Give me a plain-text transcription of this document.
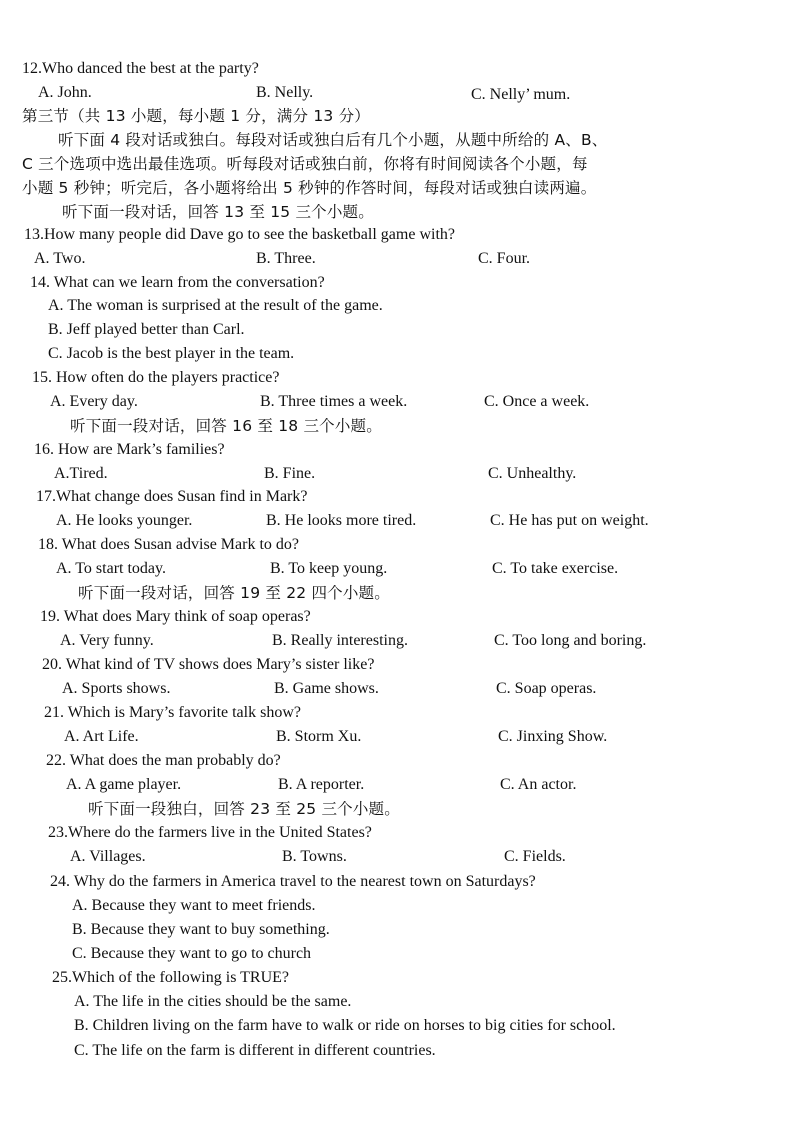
12.Who danced the best at the party?
A. John.	B. Nelly.	C. Nelly’ mum.
第三节（共 13 小题，每小题 1 分，满分 13 分）
听下面 4 段对话或独白。每段对话或独白后有几个小题，从题中所给的 A、B、
C 三个选项中选出最佳选项。听每段对话或独白前，你将有时间阅读各个小题，每
小题 5 秒钟；听完后，各小题将给出 5 秒钟的作答时间，每段对话或独白读两遍。
听下面一段对话，回答 13 至 15 三个小题。
13.How many people did Dave go to see the basketball game with?
A. Two.	B. Three.	C. Four.
14. What can we learn from the conversation?
A. The woman is surprised at the result of the game.
B. Jeff played better than Carl.
C. Jacob is the best player in the team.
15. How often do the players practice?
A. Every day.	B. Three times a week.	C. Once a week.
听下面一段对话，回答 16 至 18 三个小题。
16. How are Mark’s families?
A.Tired.	B. Fine.	C. Unhealthy.
17.What change does Susan find in Mark?
A. He looks younger.	B. He looks more tired.	C. He has put on weight.
18. What does Susan advise Mark to do?
A. To start today.	B. To keep young.	C. To take exercise.
听下面一段对话，回答 19 至 22 四个小题。
19. What does Mary think of soap operas?
A. Very funny.	B. Really interesting.	C. Too long and boring.
20. What kind of TV shows does Mary’s sister like?
A. Sports shows.	B. Game shows.	C. Soap operas.
21. Which is Mary’s favorite talk show?
A. Art Life.	B. Storm Xu.	C. Jinxing Show.
22. What does the man probably do?
A. A game player.	B. A reporter.	C. An actor.
听下面一段独白，回答 23 至 25 三个小题。
23.Where do the farmers live in the United States?
A. Villages.	B. Towns.	C. Fields.
24. Why do the farmers in America travel to the nearest town on Saturdays?
A. Because they want to meet friends.
B. Because they want to buy something.
C. Because they want to go to church
25.Which of the following is TRUE?
A. The life in the cities should be the same.
B. Children living on the farm have to walk or ride on horses to big cities for school.
C. The life on the farm is different in different countries.
